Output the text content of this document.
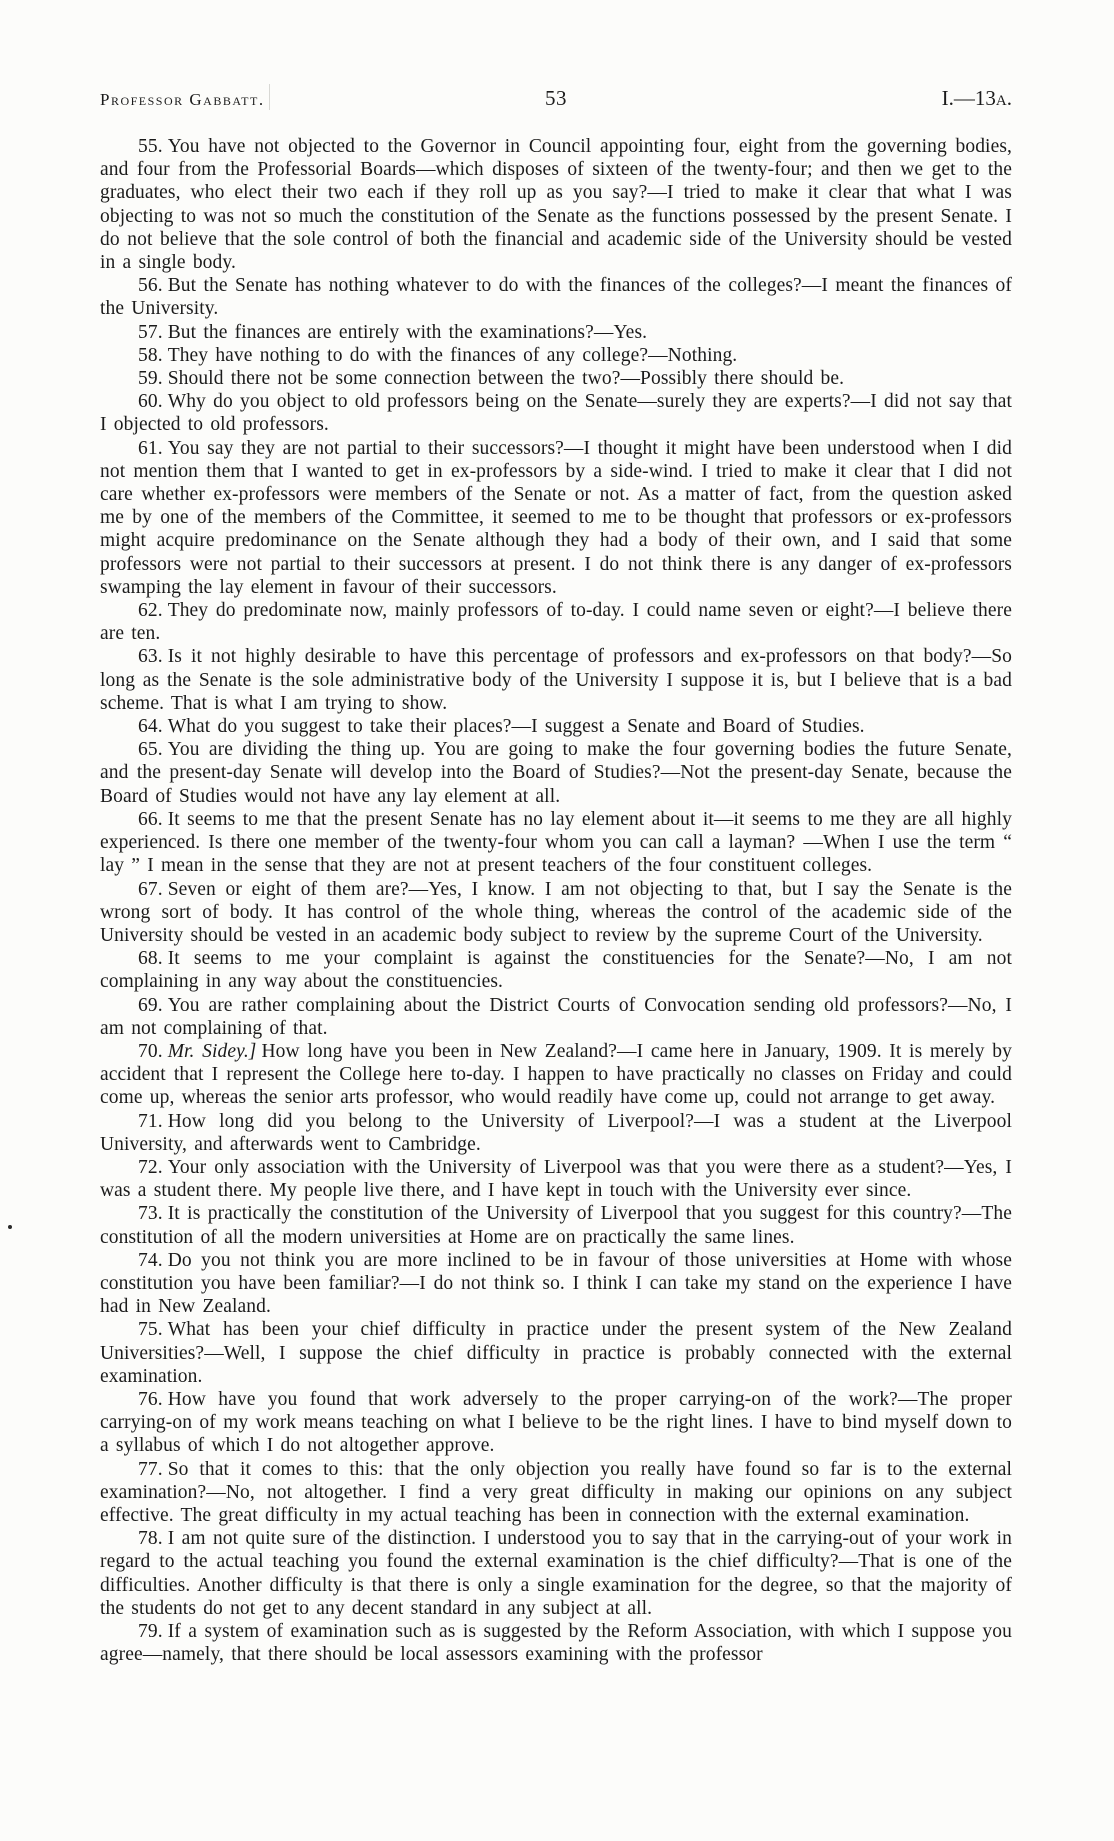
Professor Gabbatt.	53	I.—13a.

55. You have not objected to the Governor in Council appointing four, eight from the governing bodies, and four from the Professorial Boards—which disposes of sixteen of the twenty-four; and then we get to the graduates, who elect their two each if they roll up as you say?—I tried to make it clear that what I was objecting to was not so much the constitution of the Senate as the functions possessed by the present Senate. I do not believe that the sole control of both the financial and academic side of the University should be vested in a single body.

56. But the Senate has nothing whatever to do with the finances of the colleges?—I meant the finances of the University.

57. But the finances are entirely with the examinations?—Yes.

58. They have nothing to do with the finances of any college?—Nothing.

59. Should there not be some connection between the two?—Possibly there should be.

60. Why do you object to old professors being on the Senate—surely they are experts?—I did not say that I objected to old professors.

61. You say they are not partial to their successors?—I thought it might have been understood when I did not mention them that I wanted to get in ex-professors by a side-wind. I tried to make it clear that I did not care whether ex-professors were members of the Senate or not. As a matter of fact, from the question asked me by one of the members of the Committee, it seemed to me to be thought that professors or ex-professors might acquire predominance on the Senate although they had a body of their own, and I said that some professors were not partial to their successors at present. I do not think there is any danger of ex-professors swamping the lay element in favour of their successors.

62. They do predominate now, mainly professors of to-day. I could name seven or eight?—I believe there are ten.

63. Is it not highly desirable to have this percentage of professors and ex-professors on that body?—So long as the Senate is the sole administrative body of the University I suppose it is, but I believe that is a bad scheme. That is what I am trying to show.

64. What do you suggest to take their places?—I suggest a Senate and Board of Studies.

65. You are dividing the thing up. You are going to make the four governing bodies the future Senate, and the present-day Senate will develop into the Board of Studies?—Not the present-day Senate, because the Board of Studies would not have any lay element at all.

66. It seems to me that the present Senate has no lay element about it—it seems to me they are all highly experienced. Is there one member of the twenty-four whom you can call a layman? —When I use the term “ lay ” I mean in the sense that they are not at present teachers of the four constituent colleges.

67. Seven or eight of them are?—Yes, I know. I am not objecting to that, but I say the Senate is the wrong sort of body. It has control of the whole thing, whereas the control of the academic side of the University should be vested in an academic body subject to review by the supreme Court of the University.

68. It seems to me your complaint is against the constituencies for the Senate?—No, I am not complaining in any way about the constituencies.

69. You are rather complaining about the District Courts of Convocation sending old professors?—No, I am not complaining of that.

70. Mr. Sidey.] How long have you been in New Zealand?—I came here in January, 1909. It is merely by accident that I represent the College here to-day. I happen to have practically no classes on Friday and could come up, whereas the senior arts professor, who would readily have come up, could not arrange to get away.

71. How long did you belong to the University of Liverpool?—I was a student at the Liverpool University, and afterwards went to Cambridge.

72. Your only association with the University of Liverpool was that you were there as a student?—Yes, I was a student there. My people live there, and I have kept in touch with the University ever since.

73. It is practically the constitution of the University of Liverpool that you suggest for this country?—The constitution of all the modern universities at Home are on practically the same lines.

74. Do you not think you are more inclined to be in favour of those universities at Home with whose constitution you have been familiar?—I do not think so. I think I can take my stand on the experience I have had in New Zealand.

75. What has been your chief difficulty in practice under the present system of the New Zealand Universities?—Well, I suppose the chief difficulty in practice is probably connected with the external examination.

76. How have you found that work adversely to the proper carrying-on of the work?—The proper carrying-on of my work means teaching on what I believe to be the right lines. I have to bind myself down to a syllabus of which I do not altogether approve.

77. So that it comes to this: that the only objection you really have found so far is to the external examination?—No, not altogether. I find a very great difficulty in making our opinions on any subject effective. The great difficulty in my actual teaching has been in connection with the external examination.

78. I am not quite sure of the distinction. I understood you to say that in the carrying-out of your work in regard to the actual teaching you found the external examination is the chief difficulty?—That is one of the difficulties. Another difficulty is that there is only a single examination for the degree, so that the majority of the students do not get to any decent standard in any subject at all.

79. If a system of examination such as is suggested by the Reform Association, with which I suppose you agree—namely, that there should be local assessors examining with the professor
